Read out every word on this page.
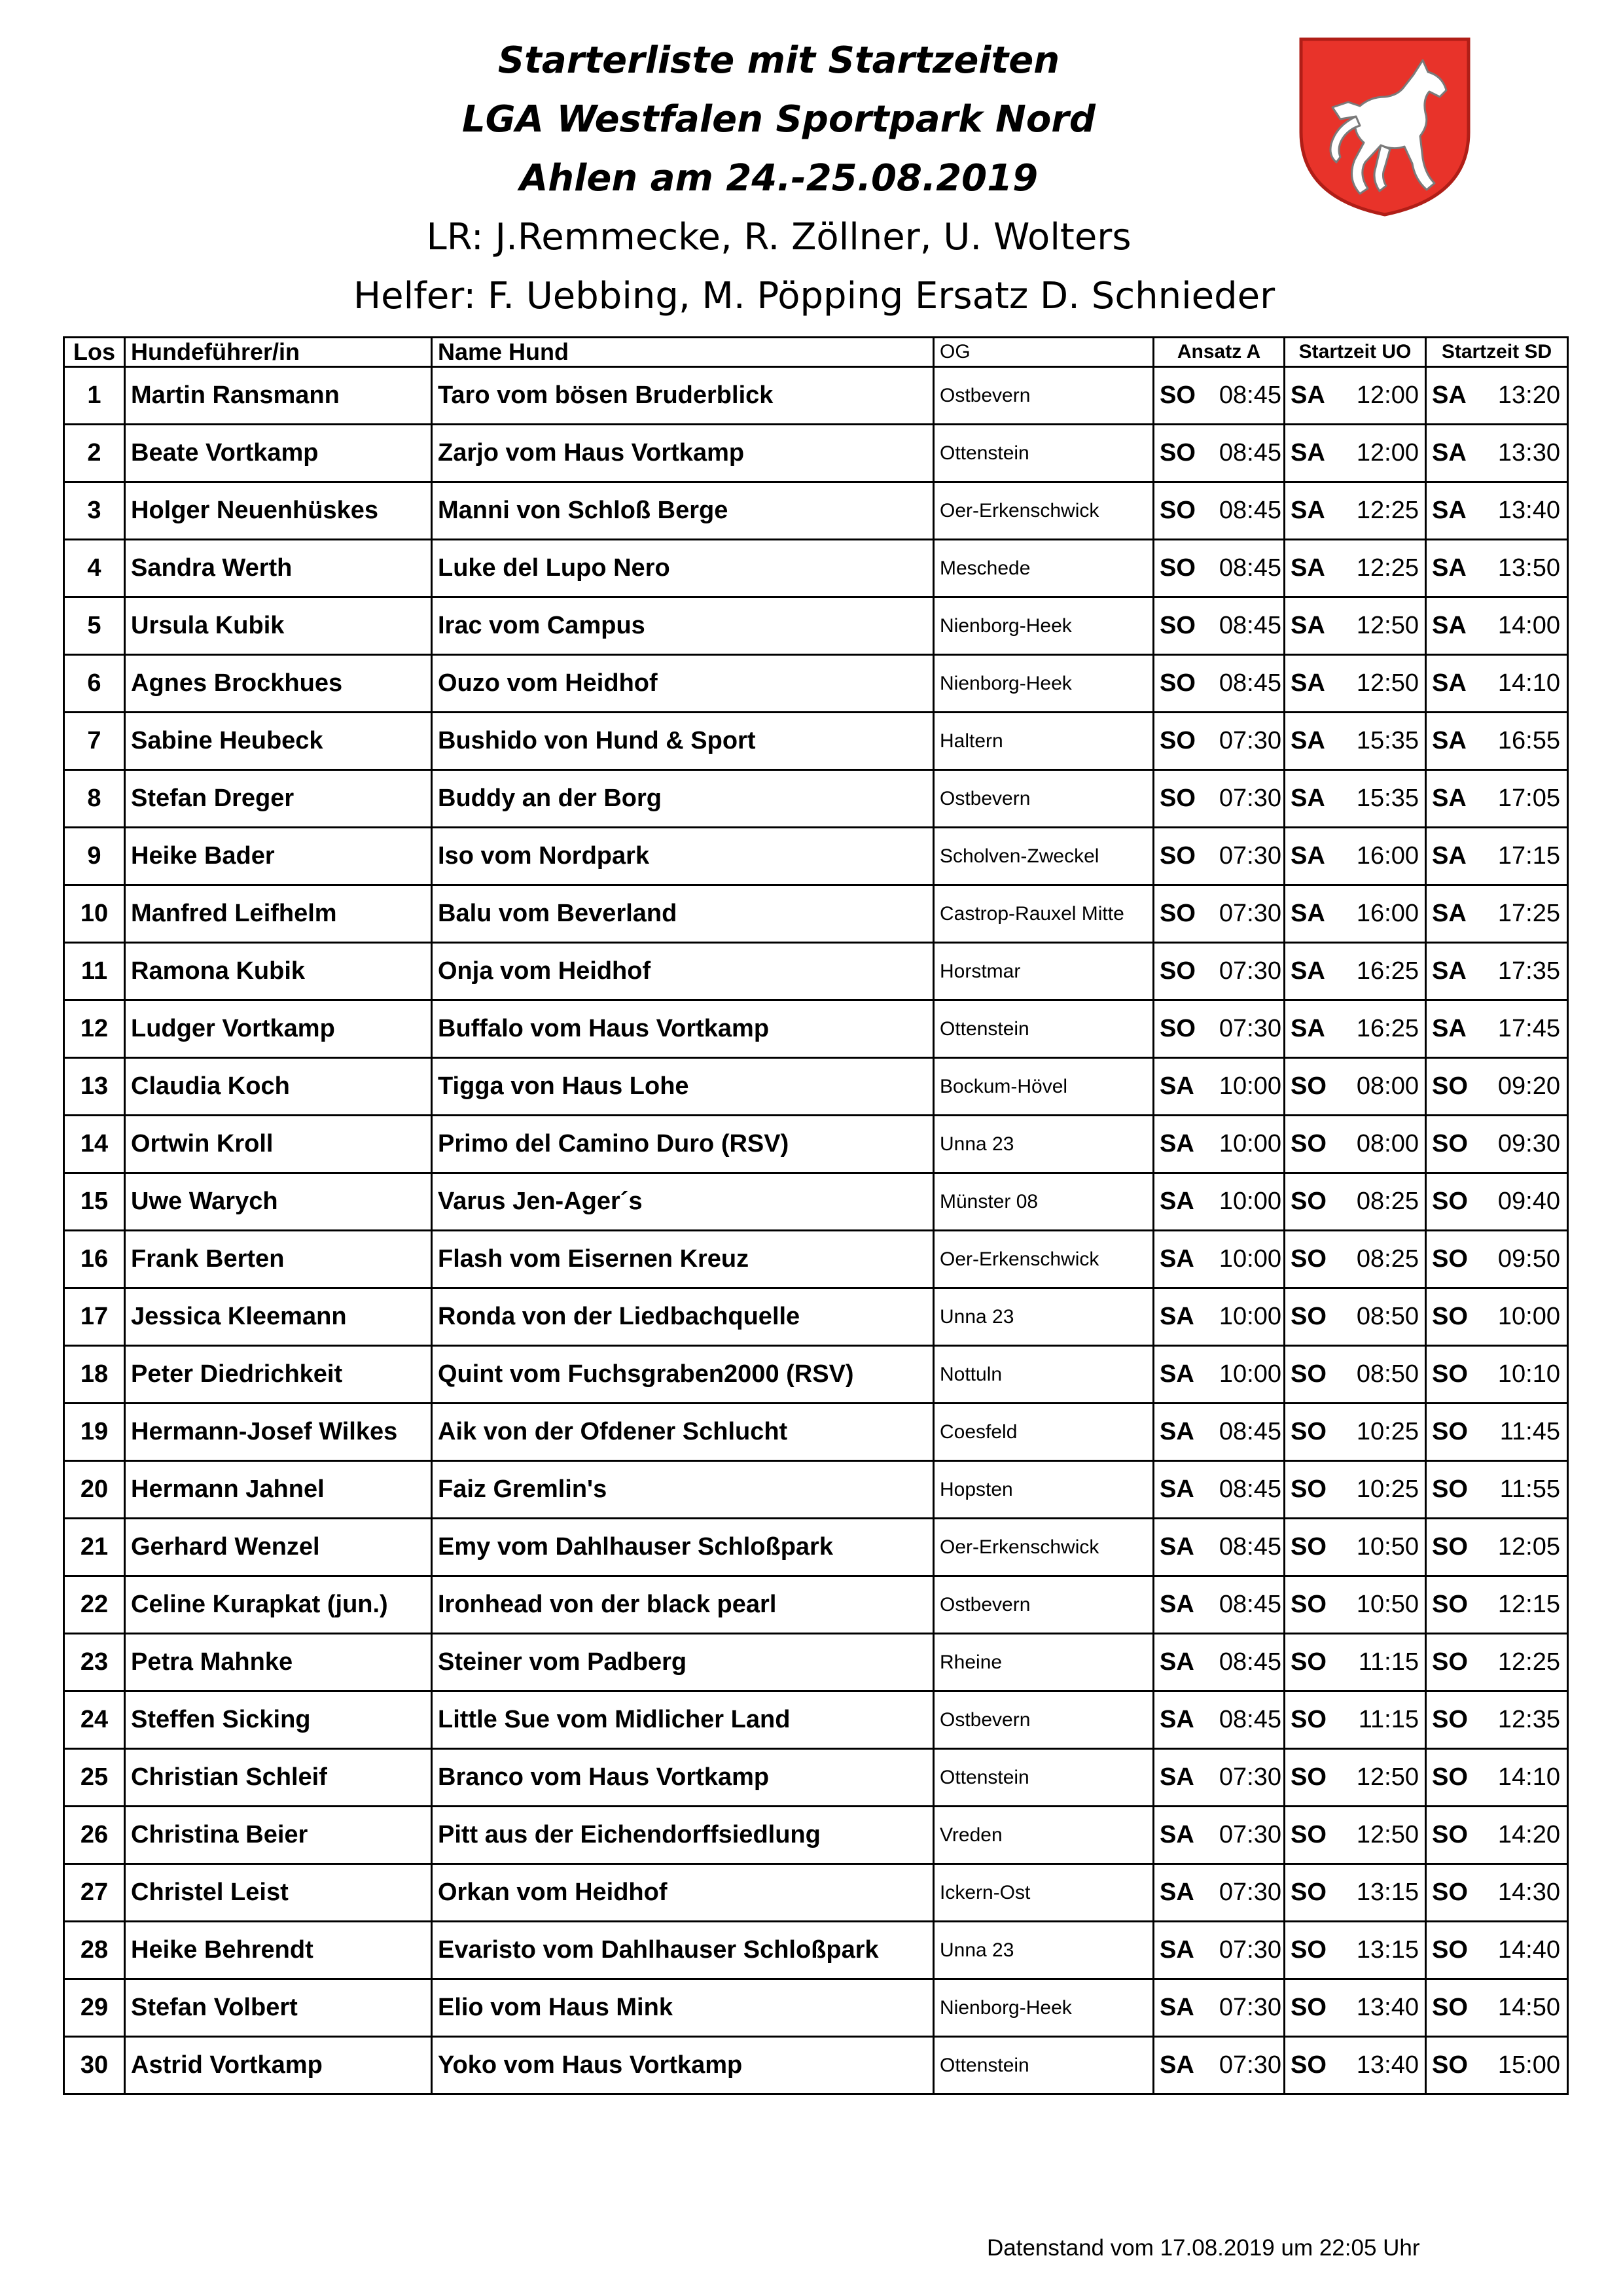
Starterliste mit Startzeiten
LGA Westfalen Sportpark Nord
Ahlen am 24.-25.08.2019
LR: J.Remmecke, R. Zöllner, U. Wolters
Helfer: F. Uebbing, M. Pöpping Ersatz D. Schnieder
Los	Hundeführer/in	Name Hund	OG	Ansatz A	Startzeit UO	Startzeit SD
1	Martin Ransmann	Taro vom bösen Bruderblick	Ostbevern	SO 08:45	SA 12:00	SA 13:20
2	Beate Vortkamp	Zarjo vom Haus Vortkamp	Ottenstein	SO 08:45	SA 12:00	SA 13:30
3	Holger Neuenhüskes	Manni von Schloß Berge	Oer-Erkenschwick	SO 08:45	SA 12:25	SA 13:40
4	Sandra Werth	Luke del Lupo Nero	Meschede	SO 08:45	SA 12:25	SA 13:50
5	Ursula Kubik	Irac vom Campus	Nienborg-Heek	SO 08:45	SA 12:50	SA 14:00
6	Agnes Brockhues	Ouzo vom Heidhof	Nienborg-Heek	SO 08:45	SA 12:50	SA 14:10
7	Sabine Heubeck	Bushido von Hund & Sport	Haltern	SO 07:30	SA 15:35	SA 16:55
8	Stefan Dreger	Buddy an der Borg	Ostbevern	SO 07:30	SA 15:35	SA 17:05
9	Heike Bader	Iso vom Nordpark	Scholven-Zweckel	SO 07:30	SA 16:00	SA 17:15
10	Manfred Leifhelm	Balu vom Beverland	Castrop-Rauxel Mitte	SO 07:30	SA 16:00	SA 17:25
11	Ramona Kubik	Onja vom Heidhof	Horstmar	SO 07:30	SA 16:25	SA 17:35
12	Ludger Vortkamp	Buffalo vom Haus Vortkamp	Ottenstein	SO 07:30	SA 16:25	SA 17:45
13	Claudia Koch	Tigga von Haus Lohe	Bockum-Hövel	SA 10:00	SO 08:00	SO 09:20
14	Ortwin Kroll	Primo del Camino Duro (RSV)	Unna 23	SA 10:00	SO 08:00	SO 09:30
15	Uwe Warych	Varus Jen-Ager´s	Münster 08	SA 10:00	SO 08:25	SO 09:40
16	Frank Berten	Flash vom Eisernen Kreuz	Oer-Erkenschwick	SA 10:00	SO 08:25	SO 09:50
17	Jessica Kleemann	Ronda von der Liedbachquelle	Unna 23	SA 10:00	SO 08:50	SO 10:00
18	Peter Diedrichkeit	Quint vom Fuchsgraben2000 (RSV)	Nottuln	SA 10:00	SO 08:50	SO 10:10
19	Hermann-Josef Wilkes	Aik von der Ofdener Schlucht	Coesfeld	SA 08:45	SO 10:25	SO 11:45
20	Hermann Jahnel	Faiz Gremlin's	Hopsten	SA 08:45	SO 10:25	SO 11:55
21	Gerhard Wenzel	Emy vom Dahlhauser Schloßpark	Oer-Erkenschwick	SA 08:45	SO 10:50	SO 12:05
22	Celine Kurapkat (jun.)	Ironhead von der black pearl	Ostbevern	SA 08:45	SO 10:50	SO 12:15
23	Petra Mahnke	Steiner vom Padberg	Rheine	SA 08:45	SO 11:15	SO 12:25
24	Steffen Sicking	Little Sue vom Midlicher Land	Ostbevern	SA 08:45	SO 11:15	SO 12:35
25	Christian Schleif	Branco vom Haus Vortkamp	Ottenstein	SA 07:30	SO 12:50	SO 14:10
26	Christina Beier	Pitt aus der Eichendorffsiedlung	Vreden	SA 07:30	SO 12:50	SO 14:20
27	Christel Leist	Orkan vom Heidhof	Ickern-Ost	SA 07:30	SO 13:15	SO 14:30
28	Heike Behrendt	Evaristo vom Dahlhauser Schloßpark	Unna 23	SA 07:30	SO 13:15	SO 14:40
29	Stefan Volbert	Elio vom Haus Mink	Nienborg-Heek	SA 07:30	SO 13:40	SO 14:50
30	Astrid Vortkamp	Yoko vom Haus Vortkamp	Ottenstein	SA 07:30	SO 13:40	SO 15:00
Datenstand vom 17.08.2019 um 22:05 Uhr
